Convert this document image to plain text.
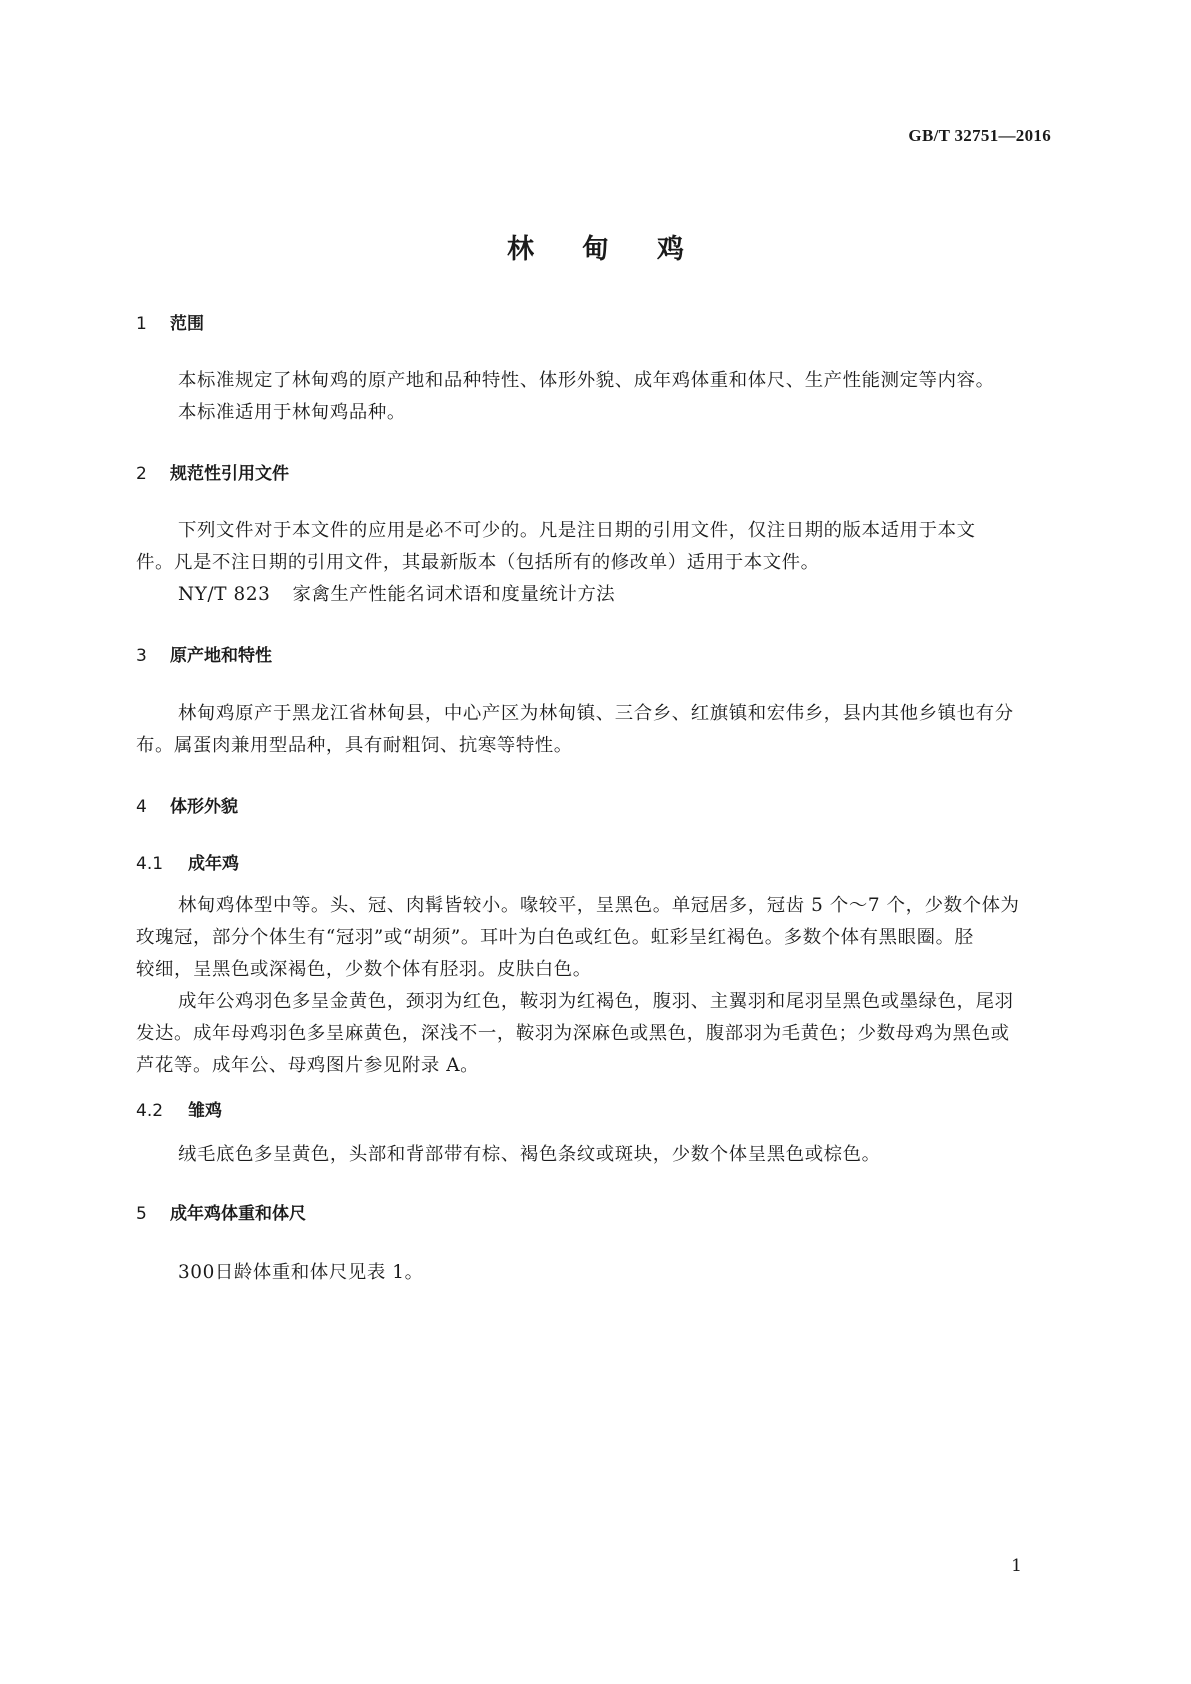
GB/T 32751—2016
林甸鸡
1 范围
本标准规定了林甸鸡的原产地和品种特性、体形外貌、成年鸡体重和体尺、生产性能测定等内容。
本标准适用于林甸鸡品种。
2 规范性引用文件
下列文件对于本文件的应用是必不可少的。凡是注日期的引用文件，仅注日期的版本适用于本文
件。凡是不注日期的引用文件，其最新版本（包括所有的修改单）适用于本文件。
NY/T 823 家禽生产性能名词术语和度量统计方法
3 原产地和特性
林甸鸡原产于黑龙江省林甸县，中心产区为林甸镇、三合乡、红旗镇和宏伟乡，县内其他乡镇也有分
布。属蛋肉兼用型品种，具有耐粗饲、抗寒等特性。
4 体形外貌
4.1 成年鸡
林甸鸡体型中等。头、冠、肉髯皆较小。喙较平，呈黑色。单冠居多，冠齿 5 个～7 个，少数个体为
玫瑰冠，部分个体生有“冠羽”或“胡须”。耳叶为白色或红色。虹彩呈红褐色。多数个体有黑眼圈。胫
较细，呈黑色或深褐色，少数个体有胫羽。皮肤白色。
成年公鸡羽色多呈金黄色，颈羽为红色，鞍羽为红褐色，腹羽、主翼羽和尾羽呈黑色或墨绿色，尾羽
发达。成年母鸡羽色多呈麻黄色，深浅不一，鞍羽为深麻色或黑色，腹部羽为毛黄色；少数母鸡为黑色或
芦花等。成年公、母鸡图片参见附录 A。
4.2 雏鸡
绒毛底色多呈黄色，头部和背部带有棕、褐色条纹或斑块，少数个体呈黑色或棕色。
5 成年鸡体重和体尺
300日龄体重和体尺见表 1。
1
